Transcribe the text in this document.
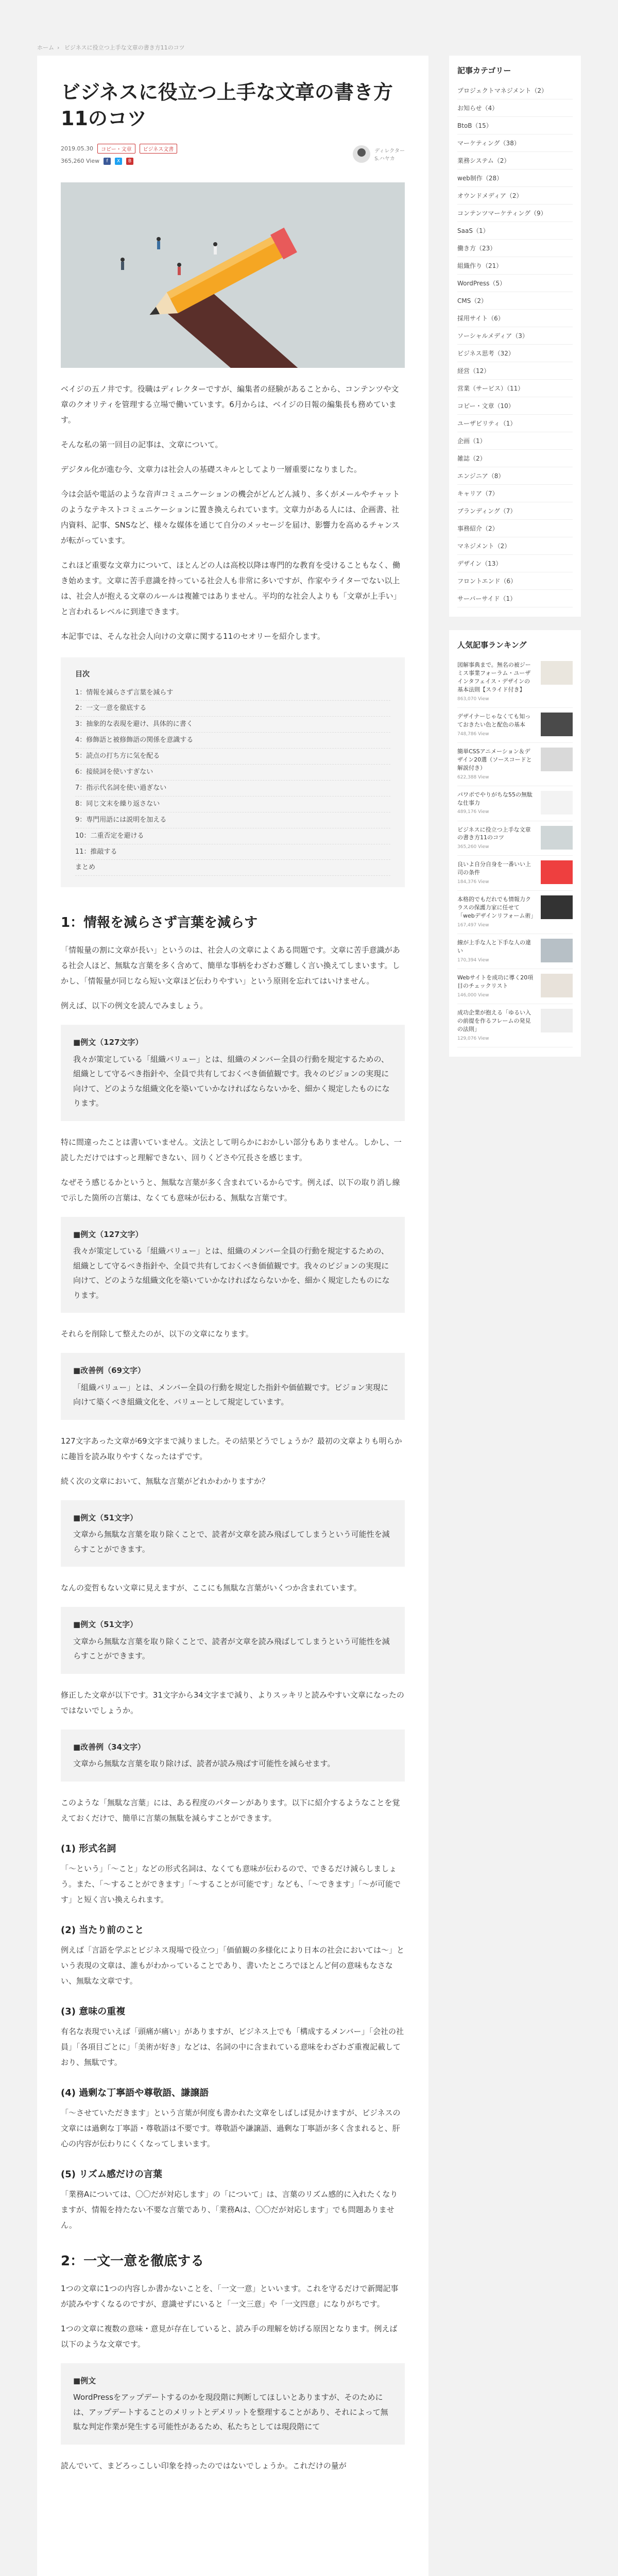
ホーム › ビジネスに役立つ上手な文章の書き方11のコツ
ビジネスに役立つ上手な文章の書き方11のコツ
2019.05.30	コピー・文章	ビジネス文書
365,260 View	f	X	B
ディレクター
S.ハヤカ

ベイジの五ノ井です。役職はディレクターですが、編集者の経験があることから、コンテンツや文章のクオリティを管理する立場で働いています。6月からは、ベイジの日報の編集長も務めています。

そんな私の第一回目の記事は、文章について。

デジタル化が進む今、文章力は社会人の基礎スキルとしてより一層重要になりました。

今は会話や電話のような音声コミュニケーションの機会がどんどん減り、多くがメールやチャットのようなテキストコミュニケーションに置き換えられています。文章力がある人には、企画書、社内資料、記事、SNSなど、様々な媒体を通じて自分のメッセージを届け、影響力を高めるチャンスが転がっています。

これほど重要な文章力について、ほとんどの人は高校以降は専門的な教育を受けることもなく、働き始めます。文章に苦手意識を持っている社会人も非常に多いですが、作家やライターでない以上は、社会人が抱える文章のルールは複雑ではありません。平均的な社会人よりも「文章が上手い」と言われるレベルに到達できます。

本記事では、そんな社会人向けの文章に関する11のセオリーを紹介します。

目次
1：情報を減らさず言葉を減らす
2：一文一意を徹底する
3：抽象的な表現を避け、具体的に書く
4：修飾語と被修飾語の関係を意識する
5：読点の打ち方に気を配る
6：接続詞を使いすぎない
7：指示代名詞を使い過ぎない
8：同じ文末を繰り返さない
9：専門用語には説明を加える
10：二重否定を避ける
11：推敲する
まとめ
1：情報を減らさず言葉を減らす

「情報量の割に文章が長い」というのは、社会人の文章によくある問題です。文章に苦手意識がある社会人ほど、無駄な言葉を多く含めて、簡単な事柄をわざわざ難しく言い換えてしまいます。しかし、「情報量が同じなら短い文章ほど伝わりやすい」という原則を忘れてはいけません。

例えば、以下の例文を読んでみましょう。

■例文（127文字）
我々が策定している「組織バリュー」とは、組織のメンバー全員の行動を規定するための、組織として守るべき指針や、全員で共有しておくべき価値観です。我々のビジョンの実現に向けて、どのような組織文化を築いていかなければならないかを、細かく規定したものになります。

特に間違ったことは書いていません。文法として明らかにおかしい部分もありません。しかし、一読しただけではすっと理解できない、回りくどさや冗長さを感じます。

なぜそう感じるかというと、無駄な言葉が多く含まれているからです。例えば、以下の取り消し線で示した箇所の言葉は、なくても意味が伝わる、無駄な言葉です。

■例文（127文字）
我々が策定している「組織バリュー」とは、組織のメンバー全員の行動を規定するための、組織として守るべき指針や、全員で共有しておくべき価値観です。我々のビジョンの実現に向けて、どのような組織文化を築いていかなければならないかを、細かく規定したものになります。

それらを削除して整えたのが、以下の文章になります。

■改善例（69文字）
「組織バリュー」とは、メンバー全員の行動を規定した指針や価値観です。ビジョン実現に向けて築くべき組織文化を、バリューとして規定しています。

127文字あった文章が69文字まで減りました。その結果どうでしょうか？最初の文章よりも明らかに趣旨を読み取りやすくなったはずです。

続く次の文章において、無駄な言葉がどれかわかりますか？

■例文（51文字）
文章から無駄な言葉を取り除くことで、読者が文章を読み飛ばしてしまうという可能性を減らすことができます。

なんの変哲もない文章に見えますが、ここにも無駄な言葉がいくつか含まれています。

■例文（51文字）
文章から無駄な言葉を取り除くことで、読者が文章を読み飛ばしてしまうという可能性を減らすことができます。

修正した文章が以下です。31文字から34文字まで減り、よりスッキリと読みやすい文章になったのではないでしょうか。

■改善例（34文字）
文章から無駄な言葉を取り除けば、読者が読み飛ばす可能性を減らせます。

このような「無駄な言葉」には、ある程度のパターンがあります。以下に紹介するようなことを覚えておくだけで、簡単に言葉の無駄を減らすことができます。

(1) 形式名詞

「〜という」「〜こと」などの形式名詞は、なくても意味が伝わるので、できるだけ減らしましょう。また、「〜することができます」「〜することが可能です」なども、「〜できます」「〜が可能です」と短く言い換えられます。

(2) 当たり前のこと

例えば「言語を学ぶとビジネス現場で役立つ」「価値観の多様化により日本の社会においては〜」という表現の文章は、誰もがわかっていることであり、書いたところでほとんど何の意味もなさない、無駄な文章です。

(3) 意味の重複

有名な表現でいえば「頭痛が痛い」がありますが、ビジネス上でも「構成するメンバー」「会社の社員」「各項目ごとに」「美術が好き」などは、名詞の中に含まれている意味をわざわざ重複記載しており、無駄です。

(4) 過剰な丁寧語や尊敬語、謙譲語

「〜させていただきます」という言葉が何度も書かれた文章をしばしば見かけますが、ビジネスの文章には過剰な丁寧語・尊敬語は不要です。尊敬語や謙譲語、過剰な丁寧語が多く含まれると、肝心の内容が伝わりにくくなってしまいます。

(5) リズム感だけの言葉

「業務Aについては、〇〇だが対応します」の「について」は、言葉のリズム感的に入れたくなりますが、情報を持たない不要な言葉であり、「業務Aは、〇〇だが対応します」でも問題ありません。

2：一文一意を徹底する

1つの文章に1つの内容しか書かないことを、「一文一意」といいます。これを守るだけで新聞記事が読みやすくなるのですが、意識せずにいると「一文三意」や「一文四意」になりがちです。

1つの文章に複数の意味・意見が存在していると、読み手の理解を妨げる原因となります。例えば以下のような文章です。

■例文
WordPressをアップデートするのかを現段階に判断してほしいとありますが、そのためには、アップデートすることのメリットとデメリットを整理することがあり、それによって無駄な判定作業が発生する可能性があるため、私たちとしては現段階にて

読んでいて、まどろっこしい印象を持ったのではないでしょうか。これだけの量が

記事カテゴリー
プロジェクトマネジメント（2）
お知らせ（4）
BtoB（15）
マーケティング（38）
業務システム（2）
web制作（28）
オウンドメディア（2）
コンテンツマーケティング（9）
SaaS（1）
働き方（23）
組織作り（21）
WordPress（5）
CMS（2）
採用サイト（6）
ソーシャルメディア（3）
ビジネス思考（32）
経営（12）
営業（サービス）（11）
コピー・文章（10）
ユーザビリティ（1）
企画（1）
雑誌（2）
エンジニア（8）
キャリア（7）
ブランディング（7）
事務紹介（2）
マネジメント（2）
デザイン（13）
フロントエンド（6）
サーバーサイド（1）
人気記事ランキング
図解事典まで。無名の被ジーミス事業フォーラム・ユーザインタフェイス・デザインの基本法則【スライド付き】
863,070 View
デザイナーじゃなくても知っておきたい色と配色の基本
748,786 View
簡単CSSアニメーション＆デザイン20選（ソースコードと解説付き）
622,388 View
パワポでやりがちな55の無駄な仕事力
489,176 View
ビジネスに役立つ上手な文章の書き方11のコツ
365,260 View
良いよ自分自身を一番いい上司の条件
184,376 View
本格的でもだれでも情報力クラスの保護力家に任せて「webデザインリフォーム術」
167,497 View
線が上手な人と下手な人の違い
170,394 View
Webサイトを成功に導く20項目のチェックリスト
146,000 View
成功企業が抱える「ゆるい入の前提を作るフレームの発見の法則」
129,076 View
